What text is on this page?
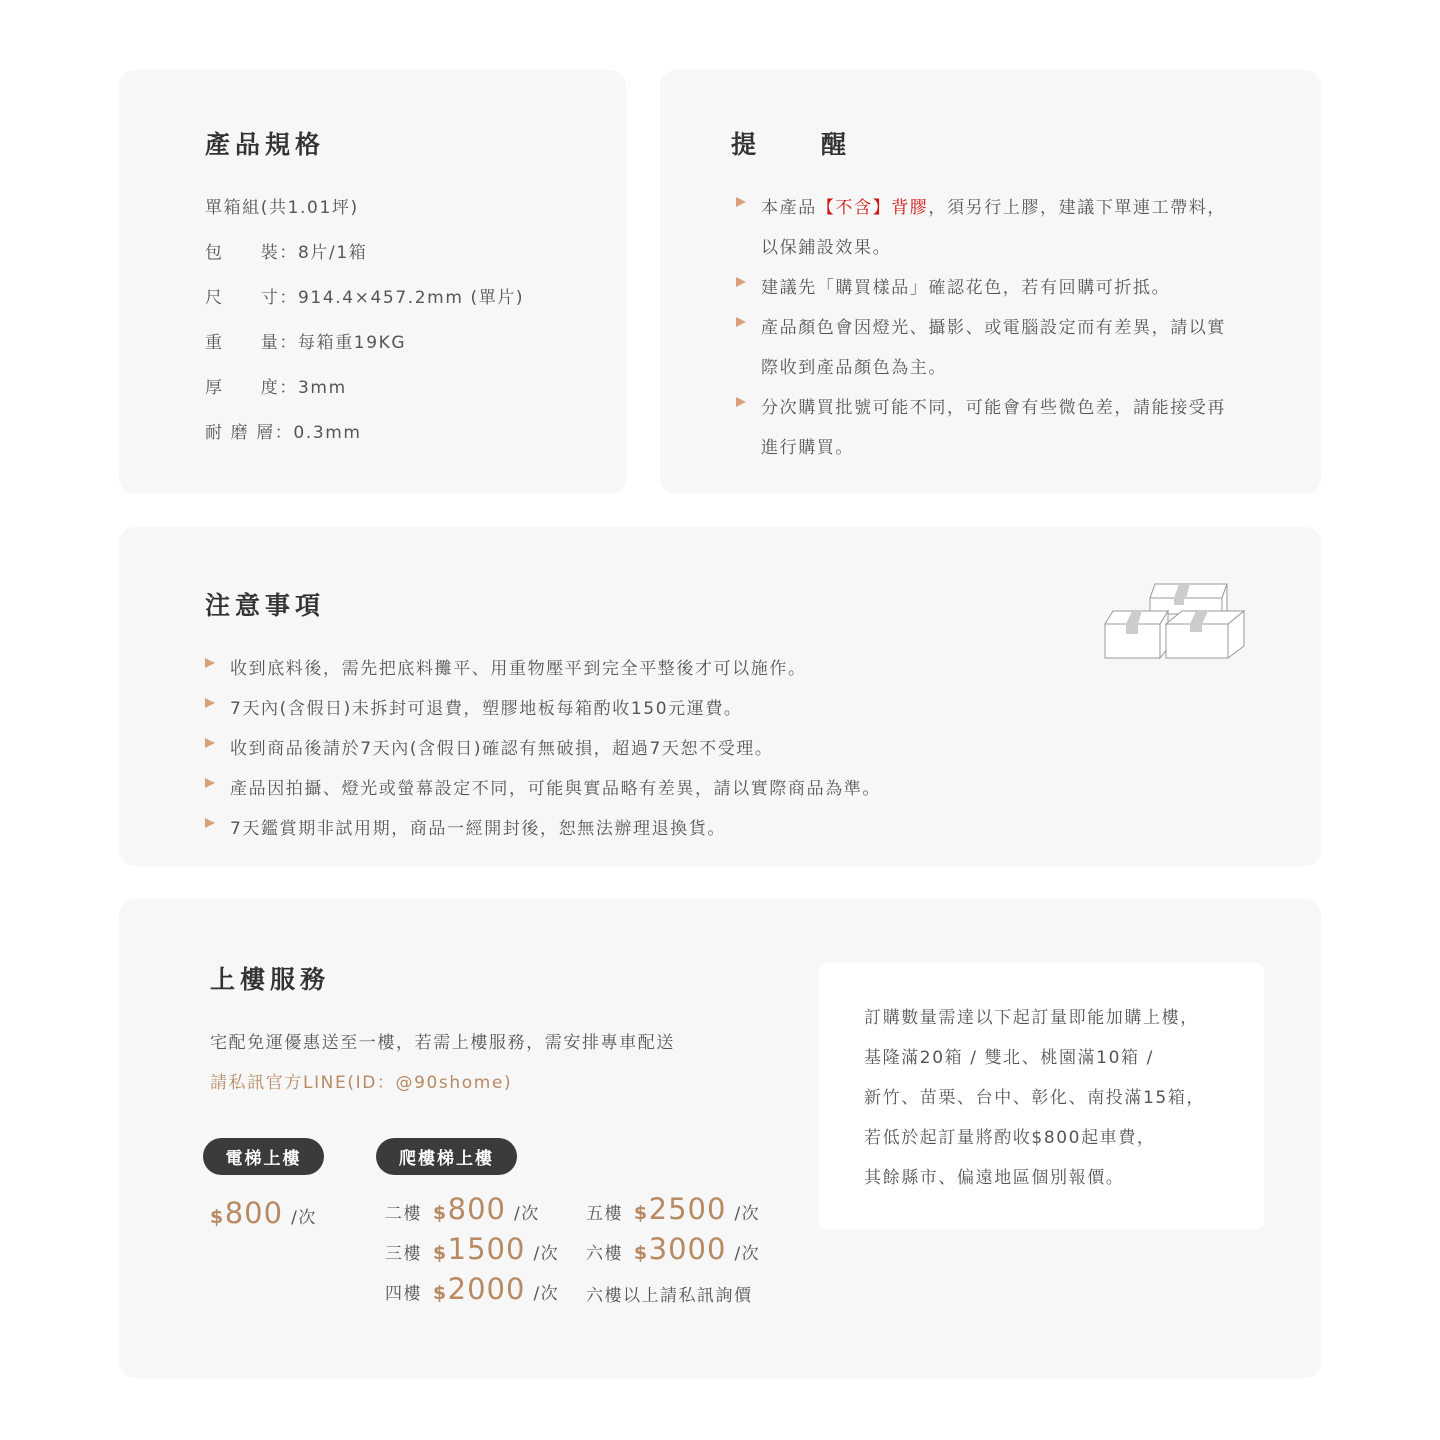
產品規格
單箱組(共1.01坪)
包　　裝：8片/1箱
尺　　寸：914.4×457.2mm (單片)
重　　量：每箱重19KG
厚　　度：3mm
耐 磨 層：0.3mm
提　　醒
本產品【不含】背膠，須另行上膠，建議下單連工帶料，
以保鋪設效果。
建議先「購買樣品」確認花色，若有回購可折抵。
產品顏色會因燈光、攝影、或電腦設定而有差異，請以實
際收到產品顏色為主。
分次購買批號可能不同，可能會有些微色差，請能接受再
進行購買。
注意事項
收到底料後，需先把底料攤平、用重物壓平到完全平整後才可以施作。
7天內(含假日)未拆封可退費，塑膠地板每箱酌收150元運費。
收到商品後請於7天內(含假日)確認有無破損，超過7天恕不受理。
產品因拍攝、燈光或螢幕設定不同，可能與實品略有差異，請以實際商品為準。
7天鑑賞期非試用期，商品一經開封後，恕無法辦理退換貨。
上樓服務
宅配免運優惠送至一樓，若需上樓服務，需安排專車配送
請私訊官方LINE(ID：@90shome)
電梯上樓	爬樓梯上樓
$800 /次	二樓 $800 /次
三樓 $1500 /次
四樓 $2000 /次
五樓 $2500 /次
六樓 $3000 /次
六樓以上請私訊詢價
訂購數量需達以下起訂量即能加購上樓，
基隆滿20箱 / 雙北、桃園滿10箱 /
新竹、苗栗、台中、彰化、南投滿15箱，
若低於起訂量將酌收$800起車費，
其餘縣市、偏遠地區個別報價。
